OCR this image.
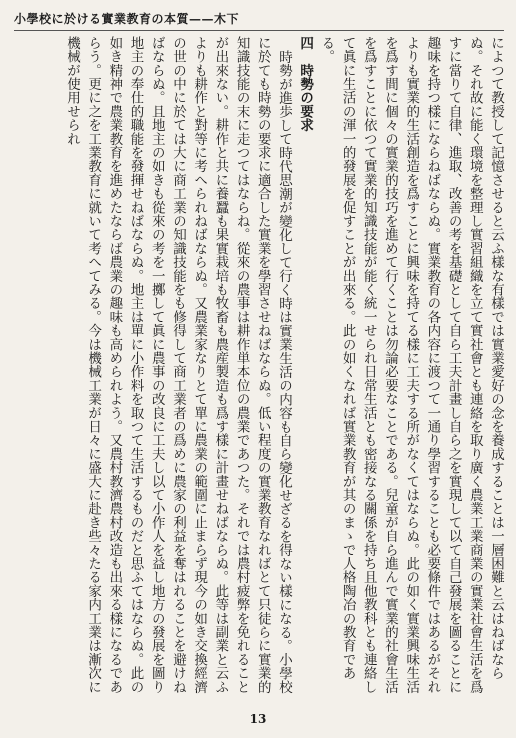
小學校に於ける實業教育の本質——木下

によつて教授して記憶させると云ふ樣な有樣では實業愛好の念を養成することは一層困難と云はねばならぬ。それ故に能く環境を整理し實習組織を立て實社會とも連絡を取り廣く農業工業商業の實業社會生活を爲すに當りて自律、進取、改善の考を基礎として自ら工夫計畫し自ら之を實現して以て自己發展を圖ることに趣味を持つ樣にならねばならぬ。實業教育の各内容に渡つて一通り學習することも必要條件ではあるがそれよりも實業的生活創造を爲すことに興味を持てる樣に工夫する所がなくてはならぬ。此の如く實業興味生活を爲す間に個々の實業的技巧を進めて行くことは勿論必要なことである。兒童が自ら進んで實業的社會生活を爲すことに依つて實業的知識技能が能く統一せられ日常生活とも密接なる關係を持ち且他教科とも連絡して眞に生活の渾一的發展を促すことが出來る。此の如くなれば實業教育が其のまゝで人格陶冶の教育である。

四　時勢の要求

時勢が進歩して時代思潮が變化して行く時は實業生活の内容も自ら變化せざるを得ない樣になる。小學校に於ても時勢の要求に適合した實業を學習させねばならぬ。低い程度の實業教育なればとて只徒らに實業的知識技能の末に走つてはならね。從來の農事は耕作単本位の農業であつた。それでは農村疲弊を免れることが出來ない。耕作と共に養蠶も果實栽培も牧畜も農産製造も爲す樣に計畫せねばならぬ。此等は副業と云ふよりも耕作と對等に考へられねばならぬ。又農業家なりとて單に農業の範圍に止まらず現今の如き交換經濟の世の中に於ては大に商工業の知識技能をも修得して商工業者の爲めに農家の利益を奪はれることを避けねばならぬ。且地主の如きも從來の考を一擲して眞に農事の改良に工夫し以て小作人を益し地方の發展を圖り地主の奉仕的職能を發揮せねばならぬ。地主は單に小作料を取つて生活するものだと思ふてはならぬ。此の如き精神で農業教育を進めたならば農業の趣味も高められよう。又農村教濟農村改造も出來る樣になるであらう。更に之を工業教育に就いて考へてみる。今は機械工業が日々に盛大に赴き些々たる家内工業は漸次に機械が使用せられ

13
